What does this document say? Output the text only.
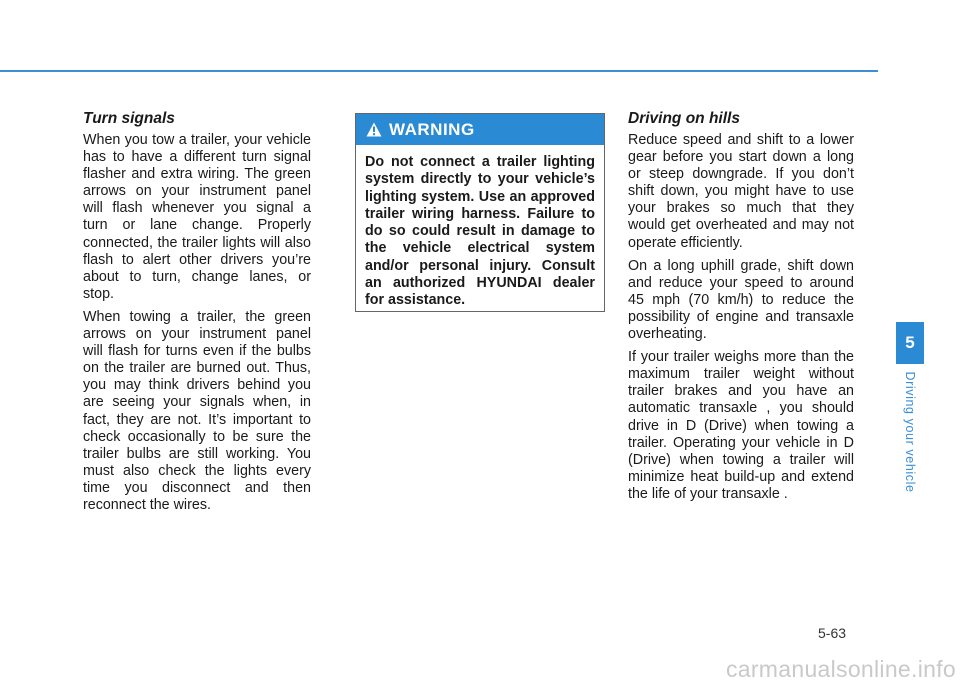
Turn signals

When you tow a trailer, your vehicle has to have a different turn signal flasher and extra wiring. The green arrows on your instrument panel will flash whenever you signal a turn or lane change. Properly connected, the trailer lights will also flash to alert other drivers you’re about to turn, change lanes, or stop.

When towing a trailer, the green arrows on your instrument panel will flash for turns even if the bulbs on the trailer are burned out. Thus, you may think drivers behind you are seeing your signals when, in fact, they are not. It’s important to check occasionally to be sure the trailer bulbs are still working. You must also check the lights every time you disconnect and then reconnect the wires.

WARNING
Do not connect a trailer lighting system directly to your vehicle’s lighting system. Use an approved trailer wiring harness. Failure to do so could result in damage to the vehicle electrical system and/or personal injury. Consult an authorized HYUNDAI dealer for assistance.
Driving on hills

Reduce speed and shift to a lower gear before you start down a long or steep downgrade. If you don’t shift down, you might have to use your brakes so much that they would get overheated and may not operate efficiently.

On a long uphill grade, shift down and reduce your speed to around 45 mph (70 km/h) to reduce the possibility of engine and transaxle overheating.

If your trailer weighs more than the maximum trailer weight without trailer brakes and you have an automatic transaxle , you should drive in D (Drive) when towing a trailer. Operating your vehicle in D (Drive) when towing a trailer will minimize heat build-up and extend the life of your transaxle .

5
Driving your vehicle
5-63
carmanualsonline.info
